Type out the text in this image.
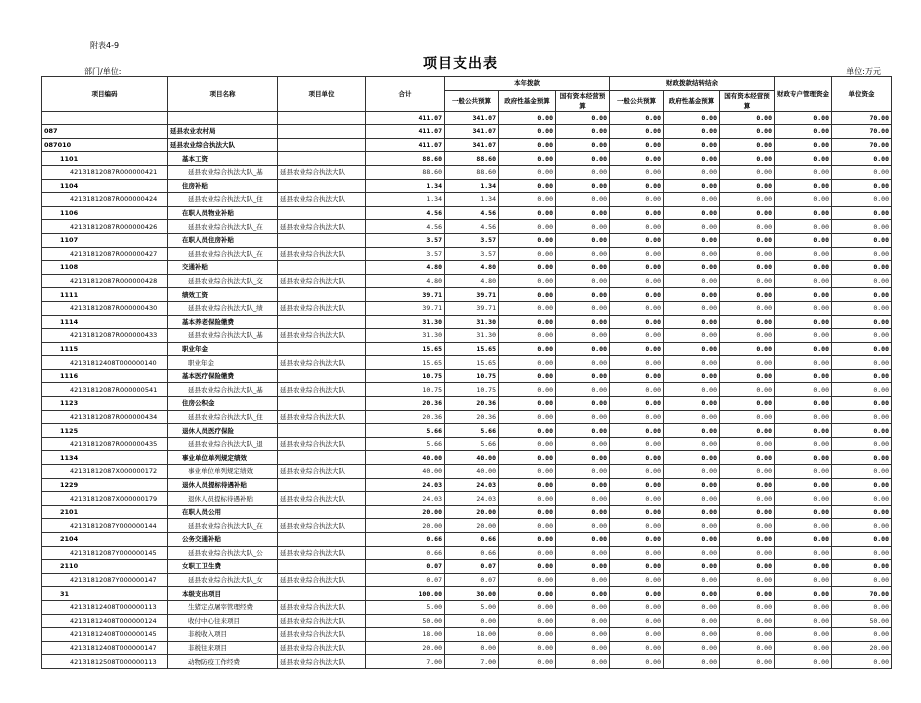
附表4-9
项目支出表
部门/单位:	单位:万元
项目编码	项目名称	项目单位	合计	本年拨款			财政拨款结转结余			财政专户管理资金	单位资金
				一般公共预算	政府性基金预算	国有资本经营预算	一般公共预算	政府性基金预算	国有资本经营预算		
			411.07	341.07	0.00	0.00	0.00	0.00	0.00	0.00	70.00
087	延县农业农村局		411.07	341.07	0.00	0.00	0.00	0.00	0.00	0.00	70.00
087010	延县农业综合执法大队		411.07	341.07	0.00	0.00	0.00	0.00	0.00	0.00	70.00
1101	基本工资		88.60	88.60	0.00	0.00	0.00	0.00	0.00	0.00	0.00
42131812087R000000421	延县农业综合执法大队_基	延县农业综合执法大队	88.60	88.60	0.00	0.00	0.00	0.00	0.00	0.00	0.00
1104	住房补贴		1.34	1.34	0.00	0.00	0.00	0.00	0.00	0.00	0.00
42131812087R000000424	延县农业综合执法大队_住	延县农业综合执法大队	1.34	1.34	0.00	0.00	0.00	0.00	0.00	0.00	0.00
1106	在职人员物业补贴		4.56	4.56	0.00	0.00	0.00	0.00	0.00	0.00	0.00
42131812087R000000426	延县农业综合执法大队_在	延县农业综合执法大队	4.56	4.56	0.00	0.00	0.00	0.00	0.00	0.00	0.00
1107	在职人员住房补贴		3.57	3.57	0.00	0.00	0.00	0.00	0.00	0.00	0.00
42131812087R000000427	延县农业综合执法大队_在	延县农业综合执法大队	3.57	3.57	0.00	0.00	0.00	0.00	0.00	0.00	0.00
1108	交通补贴		4.80	4.80	0.00	0.00	0.00	0.00	0.00	0.00	0.00
42131812087R000000428	延县农业综合执法大队_交	延县农业综合执法大队	4.80	4.80	0.00	0.00	0.00	0.00	0.00	0.00	0.00
1111	绩效工资		39.71	39.71	0.00	0.00	0.00	0.00	0.00	0.00	0.00
42131812087R000000430	延县农业综合执法大队_绩	延县农业综合执法大队	39.71	39.71	0.00	0.00	0.00	0.00	0.00	0.00	0.00
1114	基本养老保险缴费		31.30	31.30	0.00	0.00	0.00	0.00	0.00	0.00	0.00
42131812087R000000433	延县农业综合执法大队_基	延县农业综合执法大队	31.30	31.30	0.00	0.00	0.00	0.00	0.00	0.00	0.00
1115	职业年金		15.65	15.65	0.00	0.00	0.00	0.00	0.00	0.00	0.00
42131812408T000000140	职业年金	延县农业综合执法大队	15.65	15.65	0.00	0.00	0.00	0.00	0.00	0.00	0.00
1116	基本医疗保险缴费		10.75	10.75	0.00	0.00	0.00	0.00	0.00	0.00	0.00
42131812087R000000541	延县农业综合执法大队_基	延县农业综合执法大队	10.75	10.75	0.00	0.00	0.00	0.00	0.00	0.00	0.00
1123	住房公积金		20.36	20.36	0.00	0.00	0.00	0.00	0.00	0.00	0.00
42131812087R000000434	延县农业综合执法大队_住	延县农业综合执法大队	20.36	20.36	0.00	0.00	0.00	0.00	0.00	0.00	0.00
1125	退休人员医疗保险		5.66	5.66	0.00	0.00	0.00	0.00	0.00	0.00	0.00
42131812087R000000435	延县农业综合执法大队_退	延县农业综合执法大队	5.66	5.66	0.00	0.00	0.00	0.00	0.00	0.00	0.00
1134	事业单位单列规定绩效		40.00	40.00	0.00	0.00	0.00	0.00	0.00	0.00	0.00
42131812087X000000172	事业单位单列规定绩效	延县农业综合执法大队	40.00	40.00	0.00	0.00	0.00	0.00	0.00	0.00	0.00
1229	退休人员提标待遇补贴		24.03	24.03	0.00	0.00	0.00	0.00	0.00	0.00	0.00
42131812087X000000179	退休人员提标待遇补贴	延县农业综合执法大队	24.03	24.03	0.00	0.00	0.00	0.00	0.00	0.00	0.00
2101	在职人员公用		20.00	20.00	0.00	0.00	0.00	0.00	0.00	0.00	0.00
42131812087Y000000144	延县农业综合执法大队_在	延县农业综合执法大队	20.00	20.00	0.00	0.00	0.00	0.00	0.00	0.00	0.00
2104	公务交通补贴		0.66	0.66	0.00	0.00	0.00	0.00	0.00	0.00	0.00
42131812087Y000000145	延县农业综合执法大队_公	延县农业综合执法大队	0.66	0.66	0.00	0.00	0.00	0.00	0.00	0.00	0.00
2110	女职工卫生费		0.07	0.07	0.00	0.00	0.00	0.00	0.00	0.00	0.00
42131812087Y000000147	延县农业综合执法大队_女	延县农业综合执法大队	0.07	0.07	0.00	0.00	0.00	0.00	0.00	0.00	0.00
31	本级支出项目		100.00	30.00	0.00	0.00	0.00	0.00	0.00	0.00	70.00
42131812408T000000113	生猪定点屠宰管理经费	延县农业综合执法大队	5.00	5.00	0.00	0.00	0.00	0.00	0.00	0.00	0.00
42131812408T000000124	收付中心往来项目	延县农业综合执法大队	50.00	0.00	0.00	0.00	0.00	0.00	0.00	0.00	50.00
42131812408T000000145	非税收入项目	延县农业综合执法大队	18.00	18.00	0.00	0.00	0.00	0.00	0.00	0.00	0.00
42131812408T000000147	非税往来项目	延县农业综合执法大队	20.00	0.00	0.00	0.00	0.00	0.00	0.00	0.00	20.00
42131812508T000000113	动物防疫工作经费	延县农业综合执法大队	7.00	7.00	0.00	0.00	0.00	0.00	0.00	0.00	0.00
